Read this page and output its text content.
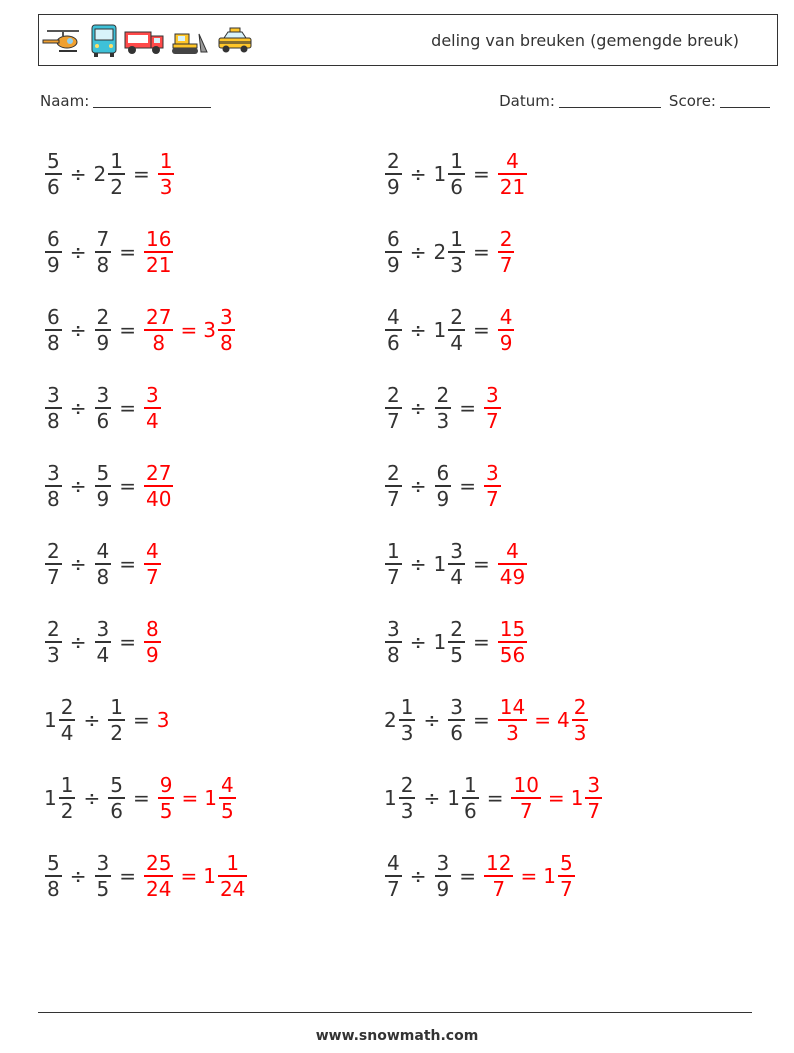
deling van breuken (gemengde breuk)
Naam:	Datum:	Score:
$\frac{5}{6} \div 2 \frac{1}{2} = \frac{1}{3}$	$\frac{2}{9} \div 1 \frac{1}{6} = \frac{4}{21}$
$\frac{6}{9} \div \frac{7}{8} = \frac{16}{21}$	$\frac{6}{9} \div 2 \frac{1}{3} = \frac{2}{7}$
$\frac{6}{8} \div \frac{2}{9} = \frac{27}{8} = 3 \frac{3}{8}$	$\frac{4}{6} \div 1 \frac{2}{4} = \frac{4}{9}$
$\frac{3}{8} \div \frac{3}{6} = \frac{3}{4}$	$\frac{2}{7} \div \frac{2}{3} = \frac{3}{7}$
$\frac{3}{8} \div \frac{5}{9} = \frac{27}{40}$	$\frac{2}{7} \div \frac{6}{9} = \frac{3}{7}$
$\frac{2}{7} \div \frac{4}{8} = \frac{4}{7}$	$\frac{1}{7} \div 1 \frac{3}{4} = \frac{4}{49}$
$\frac{2}{3} \div \frac{3}{4} = \frac{8}{9}$	$\frac{3}{8} \div 1 \frac{2}{5} = \frac{15}{56}$
$1 \frac{2}{4} \div \frac{1}{2} = 3$	$2 \frac{1}{3} \div \frac{3}{6} = \frac{14}{3} = 4 \frac{2}{3}$
$1 \frac{1}{2} \div \frac{5}{6} = \frac{9}{5} = 1 \frac{4}{5}$	$1 \frac{2}{3} \div 1 \frac{1}{6} = \frac{10}{7} = 1 \frac{3}{7}$
$\frac{5}{8} \div \frac{3}{5} = \frac{25}{24} = 1 \frac{1}{24}$	$\frac{4}{7} \div \frac{3}{9} = \frac{12}{7} = 1 \frac{5}{7}$
www.snowmath.com
